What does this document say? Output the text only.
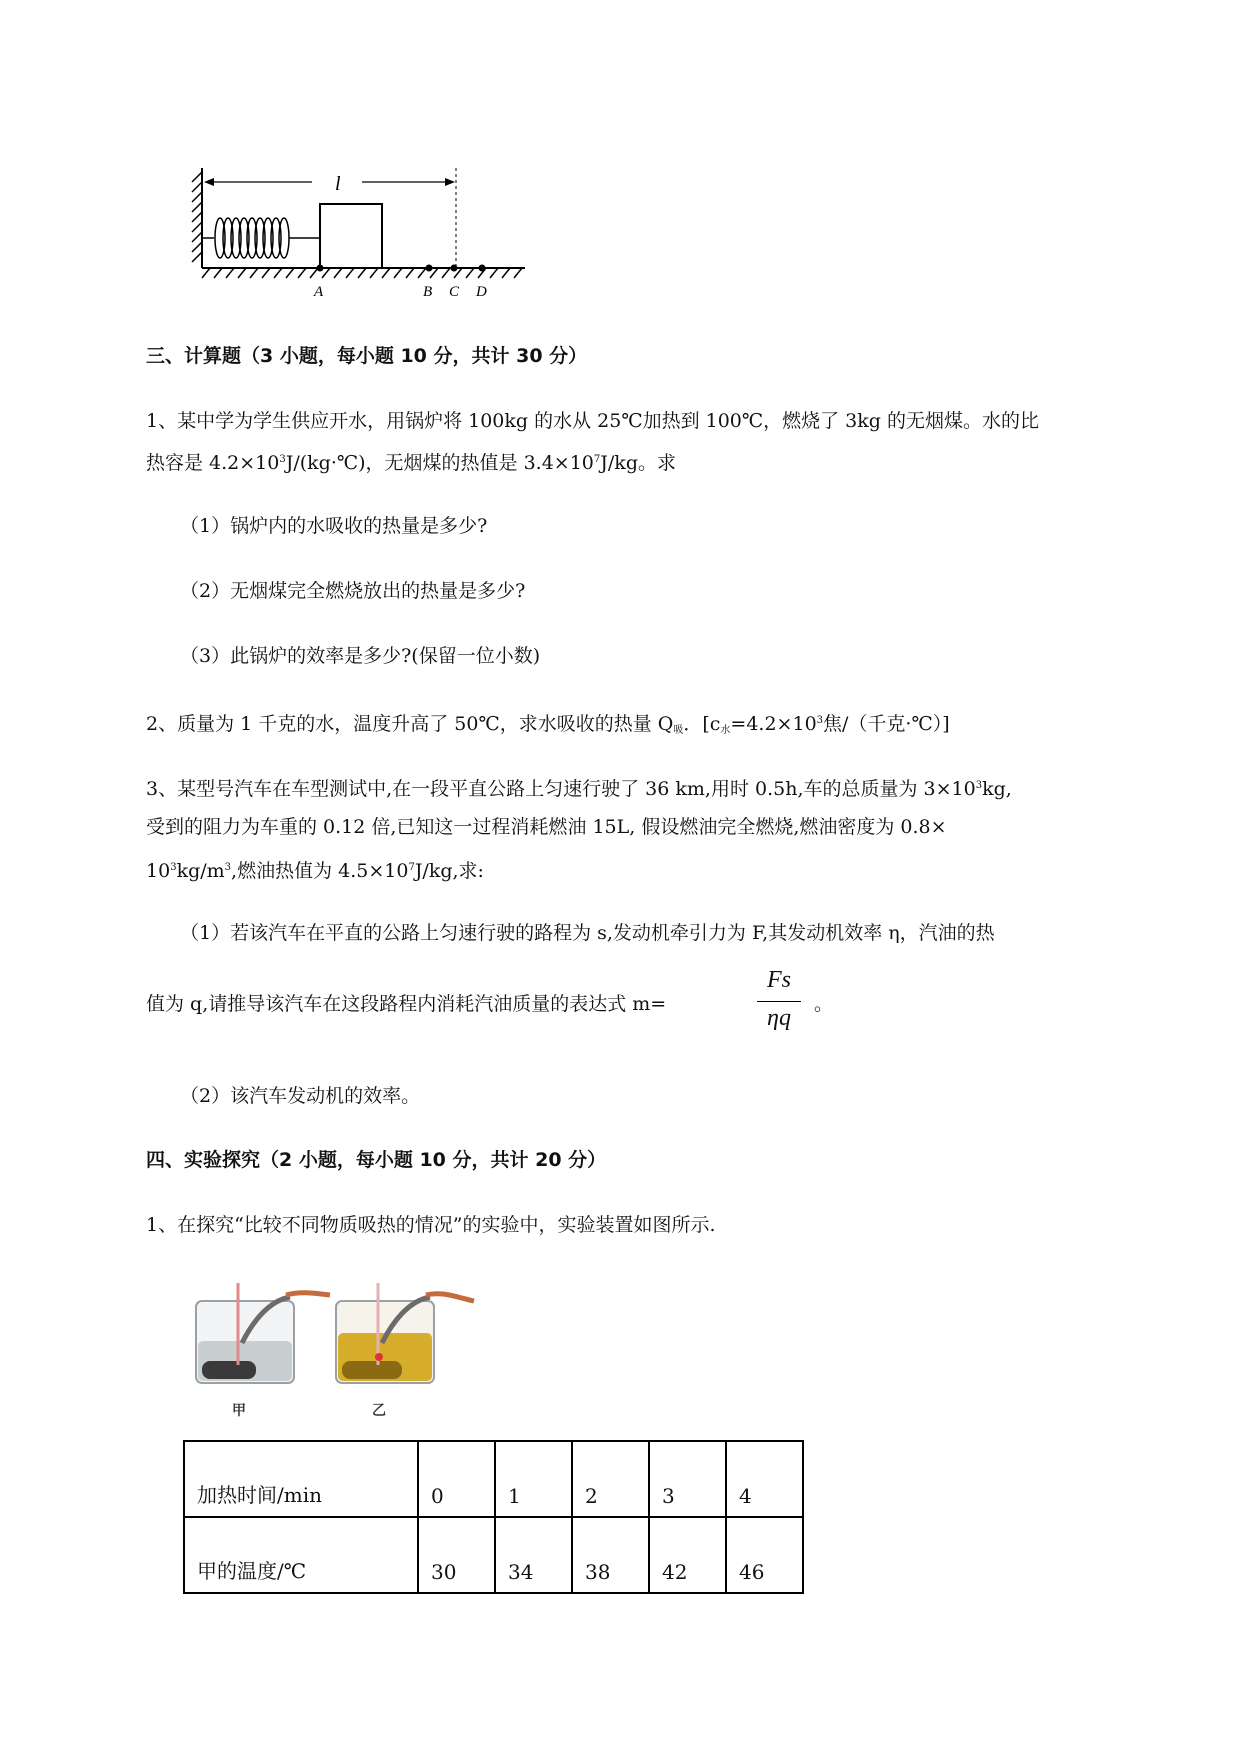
l
A	B C D
三、计算题（3 小题，每小题 10 分，共计 30 分）
1、某中学为学生供应开水，用锅炉将 100kg 的水从 25℃加热到 100℃，燃烧了 3kg 的无烟煤。水的比
热容是 $4.2\times 10^3J/(kg\cdot℃)$，无烟煤的热值是 $3.4\times 10^7J/kg$。求
（1）锅炉内的水吸收的热量是多少?
（2）无烟煤完全燃烧放出的热量是多少?
（3）此锅炉的效率是多少?(保留一位小数)
2、质量为 1 千克的水，温度升高了 50℃，求水吸收的热量 $Q_吸$．[$c_水=4.2\times 10^3$焦/（千克·℃）]
3、某型号汽车在车型测试中,在一段平直公路上匀速行驶了 36 km,用时 0.5h,车的总质量为 $3\times 10^3kg$,
受到的阻力为车重的 0.12 倍,已知这一过程消耗燃油 15L, 假设燃油完全燃烧,燃油密度为 0.8×
$10^3kg/m^3$,燃油热值为 $4.5\times 10^7J/kg$,求:
（1）若该汽车在平直的公路上匀速行驶的路程为 s,发动机牵引力为 F,其发动机效率 η，汽油的热
值为 q,请推导该汽车在这段路程内消耗汽油质量的表达式 m=
Fs
ηq
。
（2）该汽车发动机的效率。
四、实验探究（2 小题，每小题 10 分，共计 20 分）
1、在探究“比较不同物质吸热的情况”的实验中，实验装置如图所示.
甲	乙
加热时间/min	0	1	2	3	4
甲的温度/℃	30	34	38	42	46
